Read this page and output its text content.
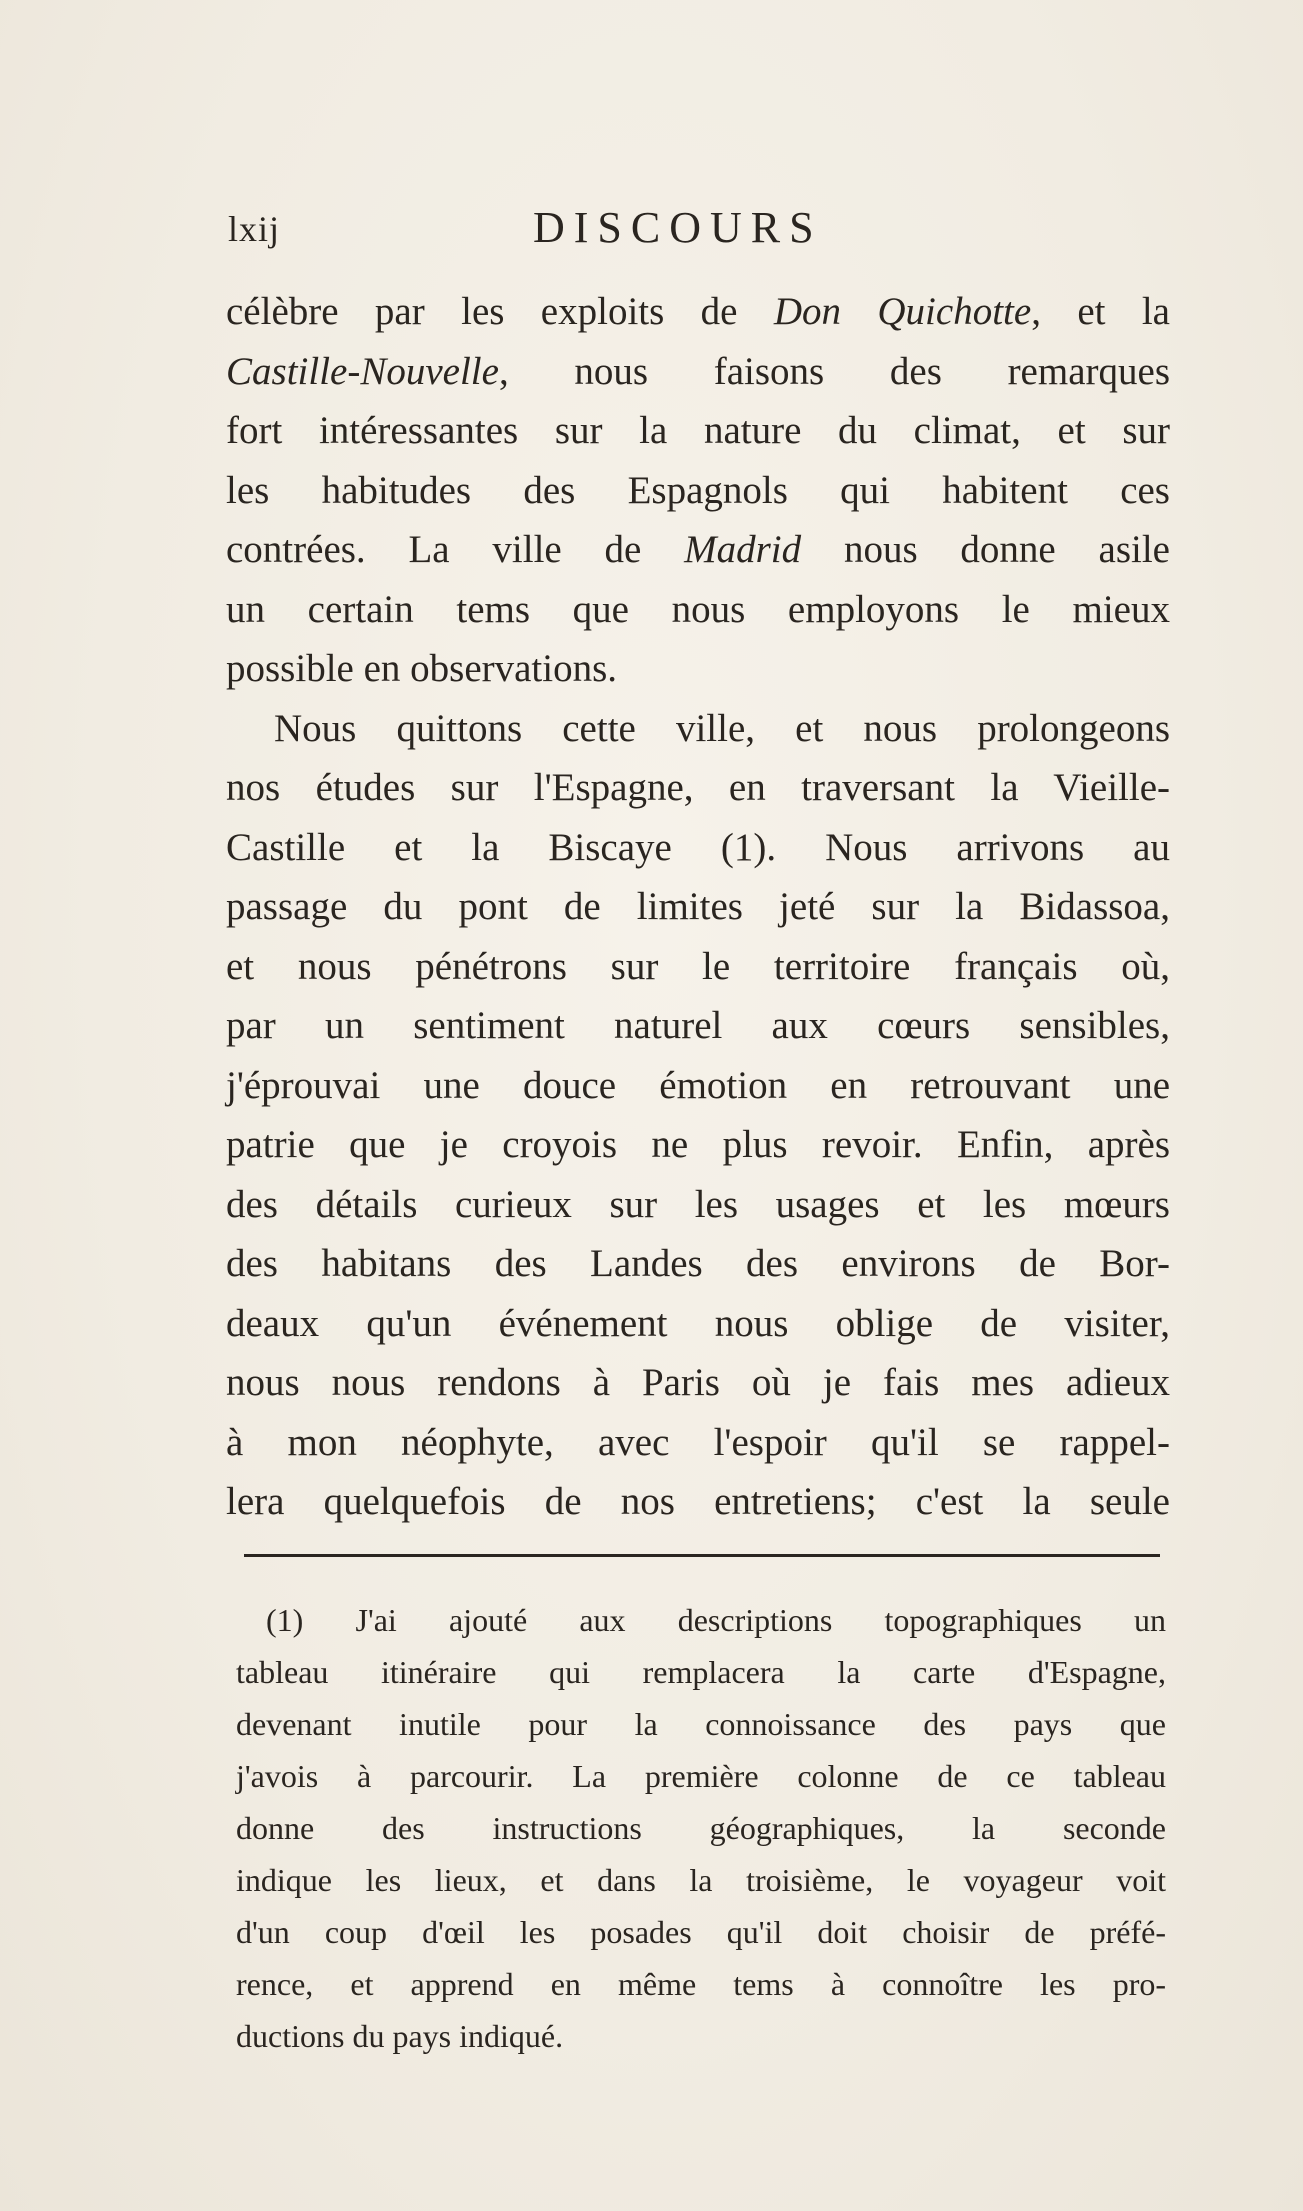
lxij	DISCOURS
célèbre par les exploits de Don Quichotte, et la
Castille-Nouvelle, nous faisons des remarques
fort intéressantes sur la nature du climat, et sur
les habitudes des Espagnols qui habitent ces
contrées. La ville de Madrid nous donne asile
un certain tems que nous employons le mieux
possible en observations.
Nous quittons cette ville, et nous prolongeons
nos études sur l'Espagne, en traversant la Vieille-
Castille et la Biscaye (1). Nous arrivons au
passage du pont de limites jeté sur la Bidassoa,
et nous pénétrons sur le territoire français où,
par un sentiment naturel aux cœurs sensibles,
j'éprouvai une douce émotion en retrouvant une
patrie que je croyois ne plus revoir. Enfin, après
des détails curieux sur les usages et les mœurs
des habitans des Landes des environs de Bor-
deaux qu'un événement nous oblige de visiter,
nous nous rendons à Paris où je fais mes adieux
à mon néophyte, avec l'espoir qu'il se rappel-
lera quelquefois de nos entretiens; c'est la seule
(1) J'ai ajouté aux descriptions topographiques un
tableau itinéraire qui remplacera la carte d'Espagne,
devenant inutile pour la connoissance des pays que
j'avois à parcourir. La première colonne de ce tableau
donne des instructions géographiques, la seconde
indique les lieux, et dans la troisième, le voyageur voit
d'un coup d'œil les posades qu'il doit choisir de préfé-
rence, et apprend en même tems à connoître les pro-
ductions du pays indiqué.
